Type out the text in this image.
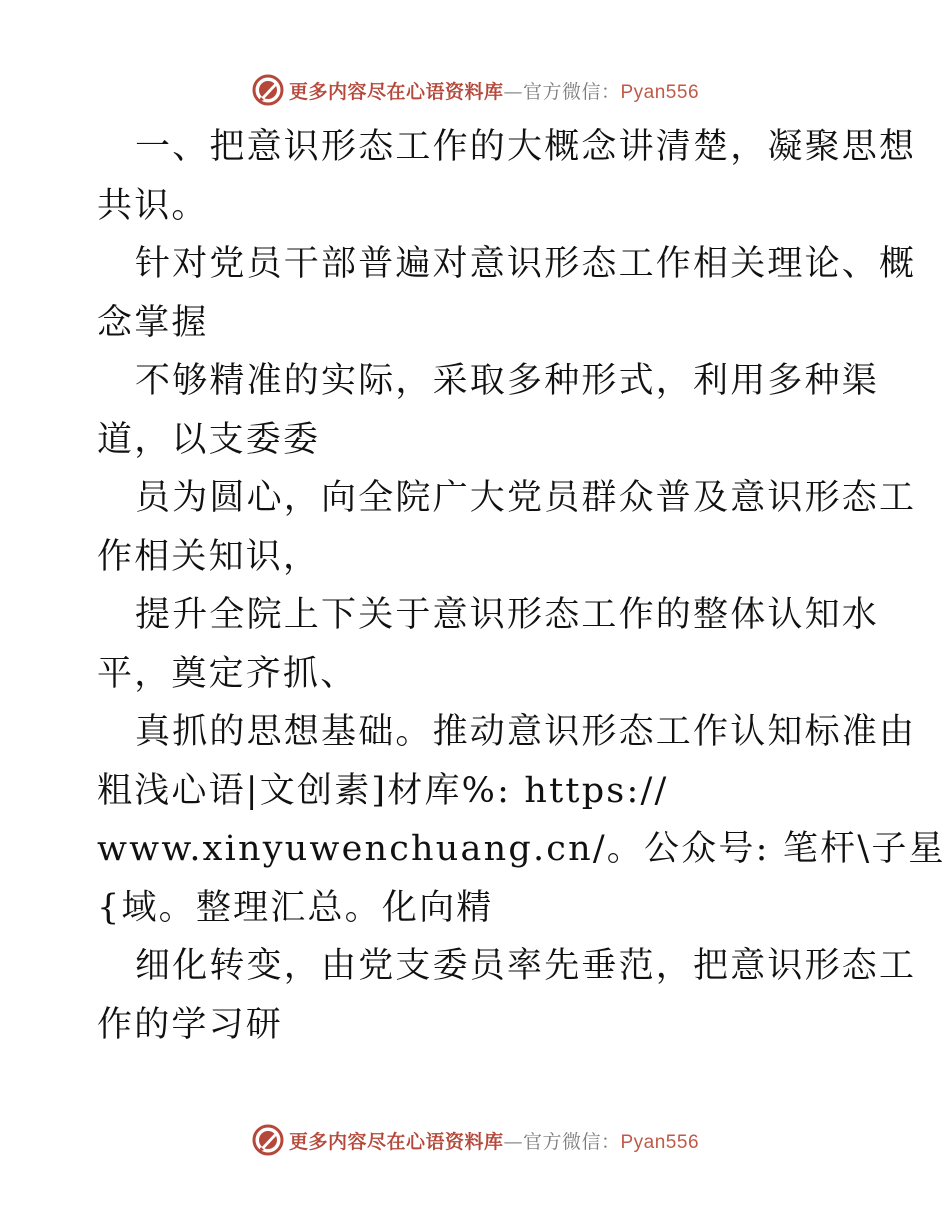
更多内容尽在心语资料库—官方微信：Pyan556
一、把意识形态工作的大概念讲清楚，凝聚思想
共识。
针对党员干部普遍对意识形态工作相关理论、概
念掌握
不够精准的实际，采取多种形式，利用多种渠
道，以支委委
员为圆心，向全院广大党员群众普及意识形态工
作相关知识，
提升全院上下关于意识形态工作的整体认知水
平，奠定齐抓、
真抓的思想基础。推动意识形态工作认知标准由
粗浅心语|文创素]材库%: https://
www.xinyuwenchuang.cn/。公众号: 笔杆\子星
{域。整理汇总。化向精
细化转变，由党支委员率先垂范，把意识形态工
作的学习研
更多内容尽在心语资料库—官方微信：Pyan556
